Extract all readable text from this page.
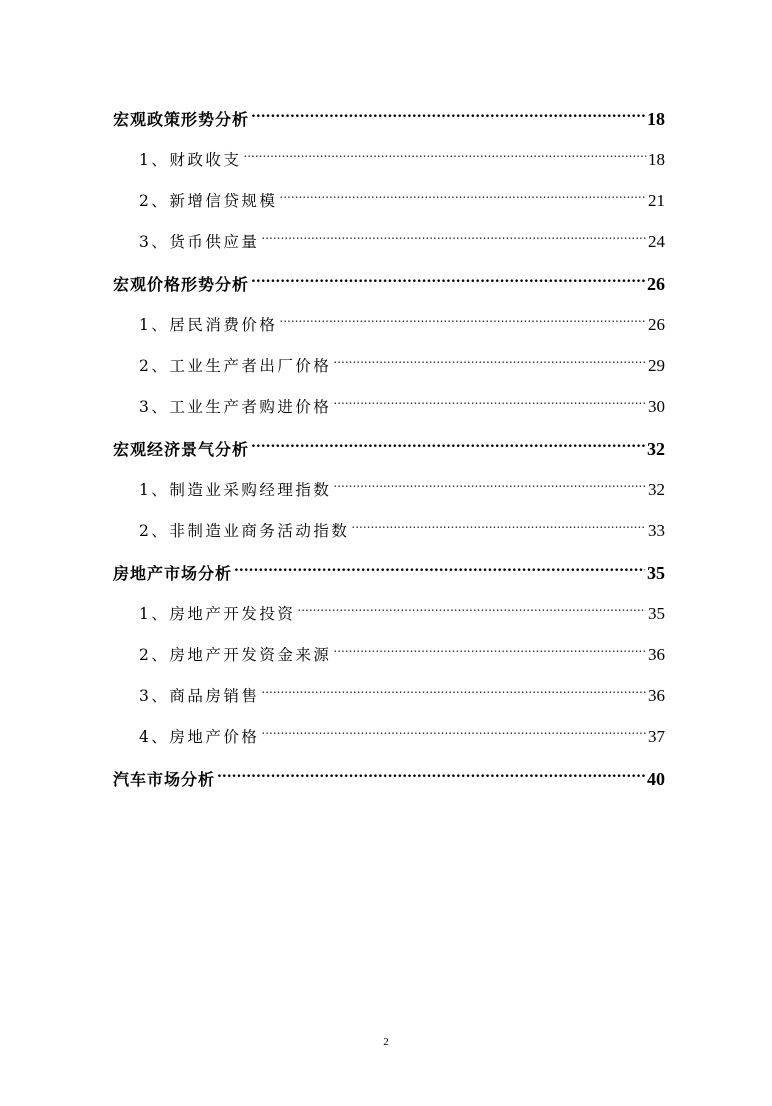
宏观政策形势分析 .....	18
1、财政收支 .....	18
2、新增信贷规模 .....	21
3、货币供应量 .....	24
宏观价格形势分析 .....	26
1、居民消费价格 .....	26
2、工业生产者出厂价格 .....	29
3、工业生产者购进价格 .....	30
宏观经济景气分析 .....	32
1、制造业采购经理指数 .....	32
2、非制造业商务活动指数 .....	33
房地产市场分析 .....	35
1、房地产开发投资 .....	35
2、房地产开发资金来源 .....	36
3、商品房销售 .....	36
4、房地产价格 .....	37
汽车市场分析 .....	40
2
